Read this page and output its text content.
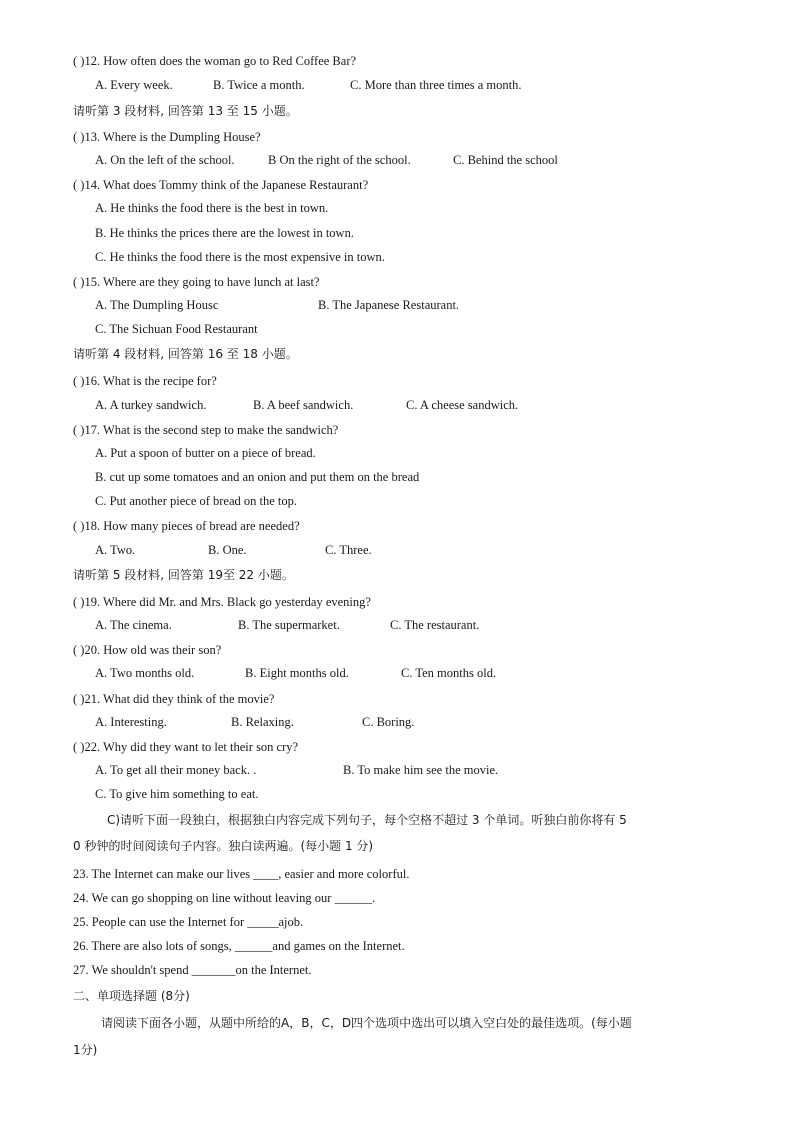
( )12. How often does the woman go to Red Coffee Bar?
A. Every week.	B. Twice a month.	C. More than three times a month.
请听第 3 段材料, 回答第 13 至 15 小题。
( )13. Where is the Dumpling House?
A. On the left of the school.	B On the right of the school.	C. Behind the school
( )14. What does Tommy think of the Japanese Restaurant?
A. He thinks the food there is the best in town.
B. He thinks the prices there are the lowest in town.
C. He thinks the food there is the most expensive in town.
( )15. Where are they going to have lunch at last?
A. The Dumpling Housc	B. The Japanese Restaurant.
C. The Sichuan Food Restaurant
请听第 4 段材料, 回答第 16 至 18 小题。
( )16. What is the recipe for?
A. A turkey sandwich.	B. A beef sandwich.	C. A cheese sandwich.
( )17. What is the second step to make the sandwich?
A. Put a spoon of butter on a piece of bread.
B. cut up some tomatoes and an onion and put them on the bread
C. Put another piece of bread on the top.
( )18. How many pieces of bread are needed?
A. Two.	B. One.	C. Three.
请听第 5 段材料, 回答第 19至 22 小题。
( )19. Where did Mr. and Mrs. Black go yesterday evening?
A. The cinema.	B. The supermarket.	C. The restaurant.
( )20. How old was their son?
A. Two months old.	B. Eight months old.	C. Ten months old.
( )21. What did they think of the movie?
A. Interesting.	B. Relaxing.	C. Boring.
( )22. Why did they want to let their son cry?
A. To get all their money back. .	B. To make him see the movie.
C. To give him something to eat.
C)请听下面一段独白，根据独白内容完成下列句子，每个空格不超过 3 个单词。听独白前你将有 5
0 秒钟的时间阅读句子内容。独白读两遍。(每小题 1 分)
23. The Internet can make our lives ____, easier and more colorful.
24. We can go shopping on line without leaving our ______.
25. People can use the Internet for _____ajob.
26. There are also lots of songs, ______and games on the Internet.
27. We shouldn't spend _______on the Internet.
二、单项选择题 (8分)
请阅读下面各小题，从题中所给的A，B，C，D四个选项中选出可以填入空白处的最佳选项。(每小题
1分)
